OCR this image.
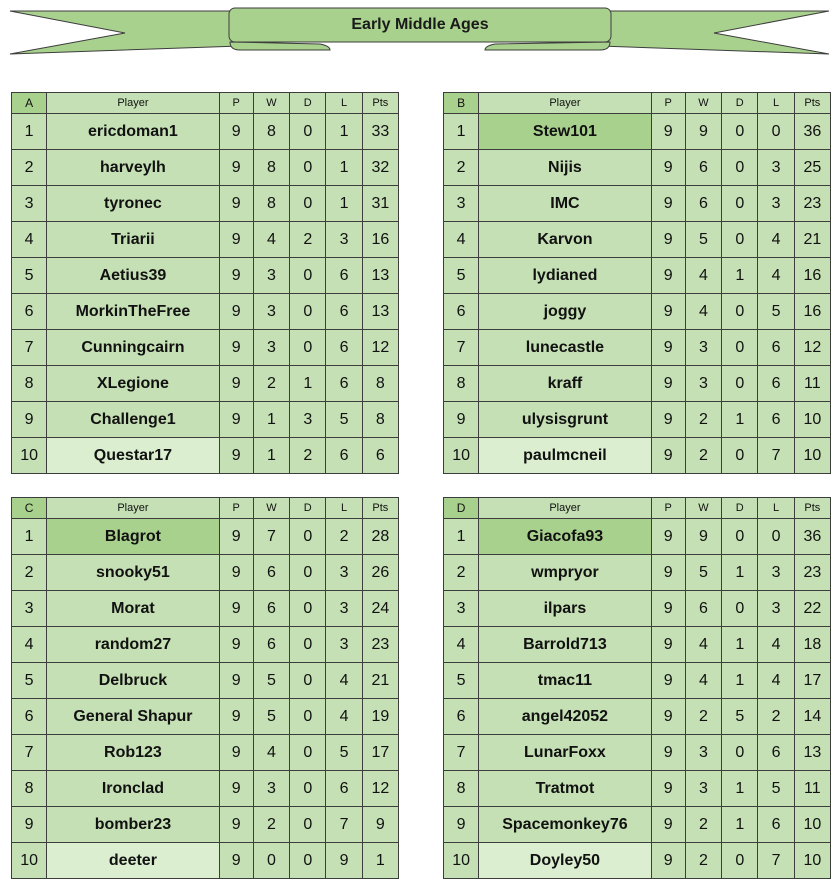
Early Middle Ages
A	Player	P	W	D	L	Pts
1	ericdoman1	9	8	0	1	33
2	harveylh	9	8	0	1	32
3	tyronec	9	8	0	1	31
4	Triarii	9	4	2	3	16
5	Aetius39	9	3	0	6	13
6	MorkinTheFree	9	3	0	6	13
7	Cunningcairn	9	3	0	6	12
8	XLegione	9	2	1	6	8
9	Challenge1	9	1	3	5	8
10	Questar17	9	1	2	6	6
B	Player	P	W	D	L	Pts
1	Stew101	9	9	0	0	36
2	Nijis	9	6	0	3	25
3	IMC	9	6	0	3	23
4	Karvon	9	5	0	4	21
5	lydianed	9	4	1	4	16
6	joggy	9	4	0	5	16
7	lunecastle	9	3	0	6	12
8	kraff	9	3	0	6	11
9	ulysisgrunt	9	2	1	6	10
10	paulmcneil	9	2	0	7	10
C	Player	P	W	D	L	Pts
1	Blagrot	9	7	0	2	28
2	snooky51	9	6	0	3	26
3	Morat	9	6	0	3	24
4	random27	9	6	0	3	23
5	Delbruck	9	5	0	4	21
6	General Shapur	9	5	0	4	19
7	Rob123	9	4	0	5	17
8	Ironclad	9	3	0	6	12
9	bomber23	9	2	0	7	9
10	deeter	9	0	0	9	1
D	Player	P	W	D	L	Pts
1	Giacofa93	9	9	0	0	36
2	wmpryor	9	5	1	3	23
3	ilpars	9	6	0	3	22
4	Barrold713	9	4	1	4	18
5	tmac11	9	4	1	4	17
6	angel42052	9	2	5	2	14
7	LunarFoxx	9	3	0	6	13
8	Tratmot	9	3	1	5	11
9	Spacemonkey76	9	2	1	6	10
10	Doyley50	9	2	0	7	10
